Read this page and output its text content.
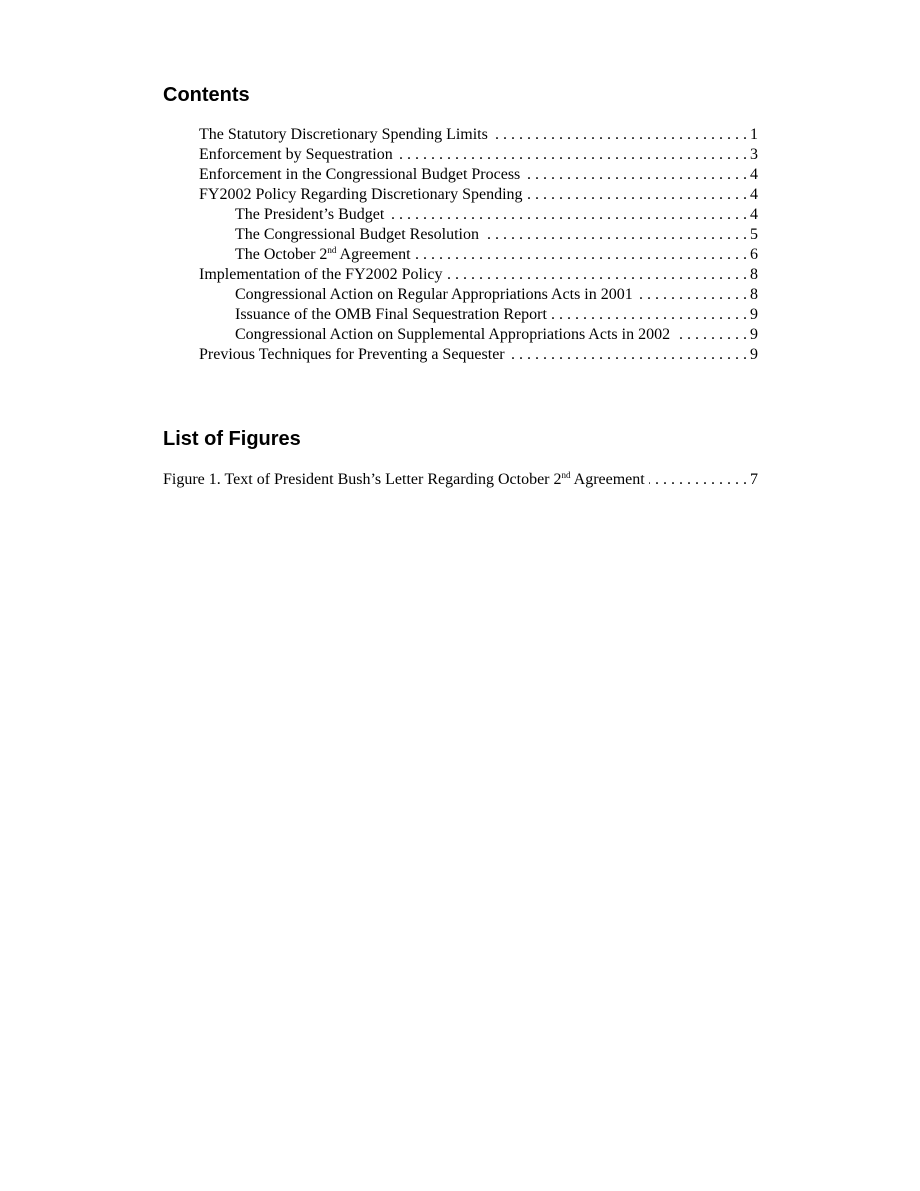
Contents
The Statutory Discretionary Spending Limits . . .	1
Enforcement by Sequestration . . .	3
Enforcement in the Congressional Budget Process . . .	4
FY2002 Policy Regarding Discretionary Spending . . .	4
The President’s Budget . . .	4
The Congressional Budget Resolution . . .	5
The October 2nd Agreement . . .	6
Implementation of the FY2002 Policy . . .	8
Congressional Action on Regular Appropriations Acts in 2001 . . .	8
Issuance of the OMB Final Sequestration Report . . .	9
Congressional Action on Supplemental Appropriations Acts in 2002 . . .	9
Previous Techniques for Preventing a Sequester . . .	9
List of Figures
Figure 1. Text of President Bush’s Letter Regarding October 2nd Agreement . . .	7
